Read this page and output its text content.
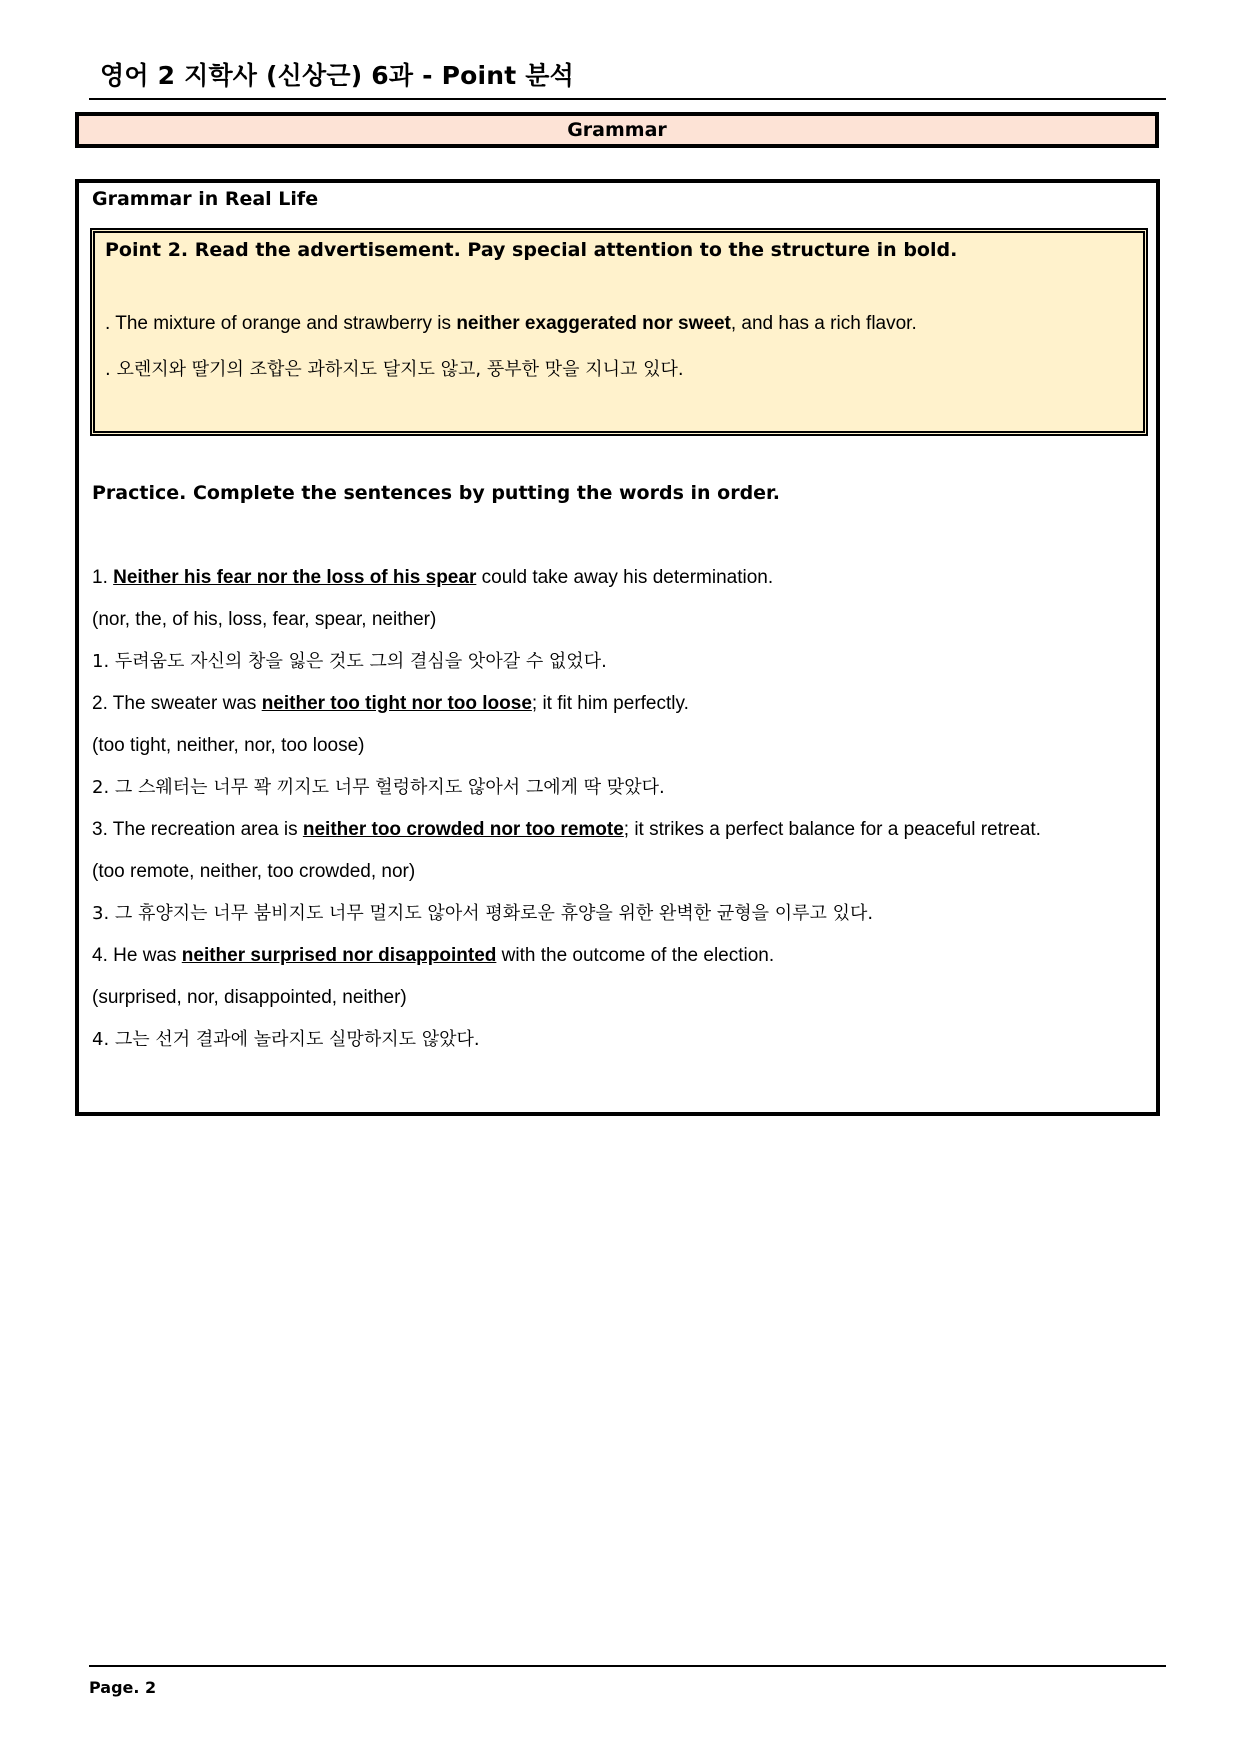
영어 2 지학사 (신상근) 6과 - Point 분석
Grammar
Grammar in Real Life
Point 2. Read the advertisement. Pay special attention to the structure in bold.
. The mixture of orange and strawberry is neither exaggerated nor sweet, and has a rich flavor.
. 오렌지와 딸기의 조합은 과하지도 달지도 않고, 풍부한 맛을 지니고 있다.
Practice. Complete the sentences by putting the words in order.
1. Neither his fear nor the loss of his spear could take away his determination.
(nor, the, of his, loss, fear, spear, neither)
1. 두려움도 자신의 창을 잃은 것도 그의 결심을 앗아갈 수 없었다.
2. The sweater was neither too tight nor too loose; it fit him perfectly.
(too tight, neither, nor, too loose)
2. 그 스웨터는 너무 꽉 끼지도 너무 헐렁하지도 않아서 그에게 딱 맞았다.
3. The recreation area is neither too crowded nor too remote; it strikes a perfect balance for a peaceful retreat.
(too remote, neither, too crowded, nor)
3. 그 휴양지는 너무 붐비지도 너무 멀지도 않아서 평화로운 휴양을 위한 완벽한 균형을 이루고 있다.
4. He was neither surprised nor disappointed with the outcome of the election.
(surprised, nor, disappointed, neither)
4. 그는 선거 결과에 놀라지도 실망하지도 않았다.
Page. 2
